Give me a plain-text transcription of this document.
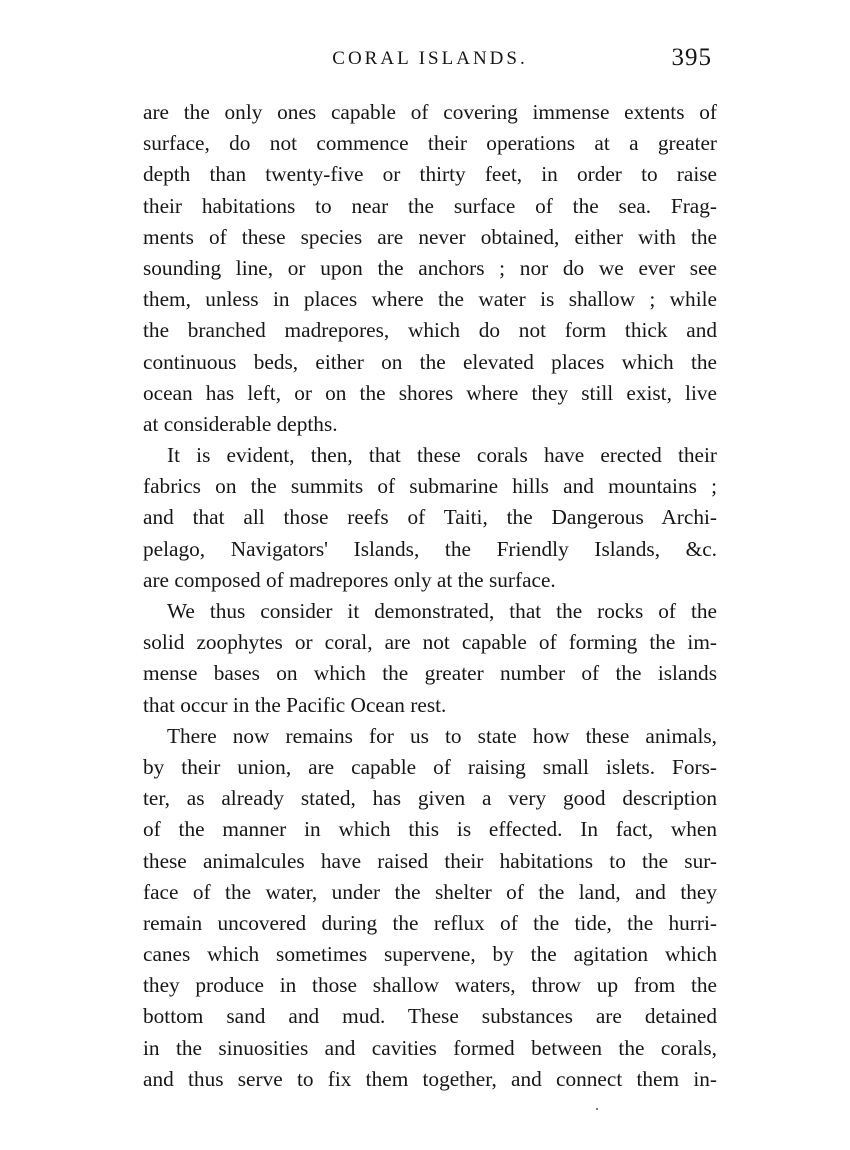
CORAL ISLANDS.	395
are the only ones capable of covering immense extents of
surface, do not commence their operations at a greater
depth than twenty-five or thirty feet, in order to raise
their habitations to near the surface of the sea. Frag-
ments of these species are never obtained, either with the
sounding line, or upon the anchors ; nor do we ever see
them, unless in places where the water is shallow ; while
the branched madrepores, which do not form thick and
continuous beds, either on the elevated places which the
ocean has left, or on the shores where they still exist, live
at considerable depths.
It is evident, then, that these corals have erected their
fabrics on the summits of submarine hills and mountains ;
and that all those reefs of Taiti, the Dangerous Archi-
pelago, Navigators' Islands, the Friendly Islands, &c.
are composed of madrepores only at the surface.
We thus consider it demonstrated, that the rocks of the
solid zoophytes or coral, are not capable of forming the im-
mense bases on which the greater number of the islands
that occur in the Pacific Ocean rest.
There now remains for us to state how these animals,
by their union, are capable of raising small islets. Fors-
ter, as already stated, has given a very good description
of the manner in which this is effected. In fact, when
these animalcules have raised their habitations to the sur-
face of the water, under the shelter of the land, and they
remain uncovered during the reflux of the tide, the hurri-
canes which sometimes supervene, by the agitation which
they produce in those shallow waters, throw up from the
bottom sand and mud. These substances are detained
in the sinuosities and cavities formed between the corals,
and thus serve to fix them together, and connect them in-
